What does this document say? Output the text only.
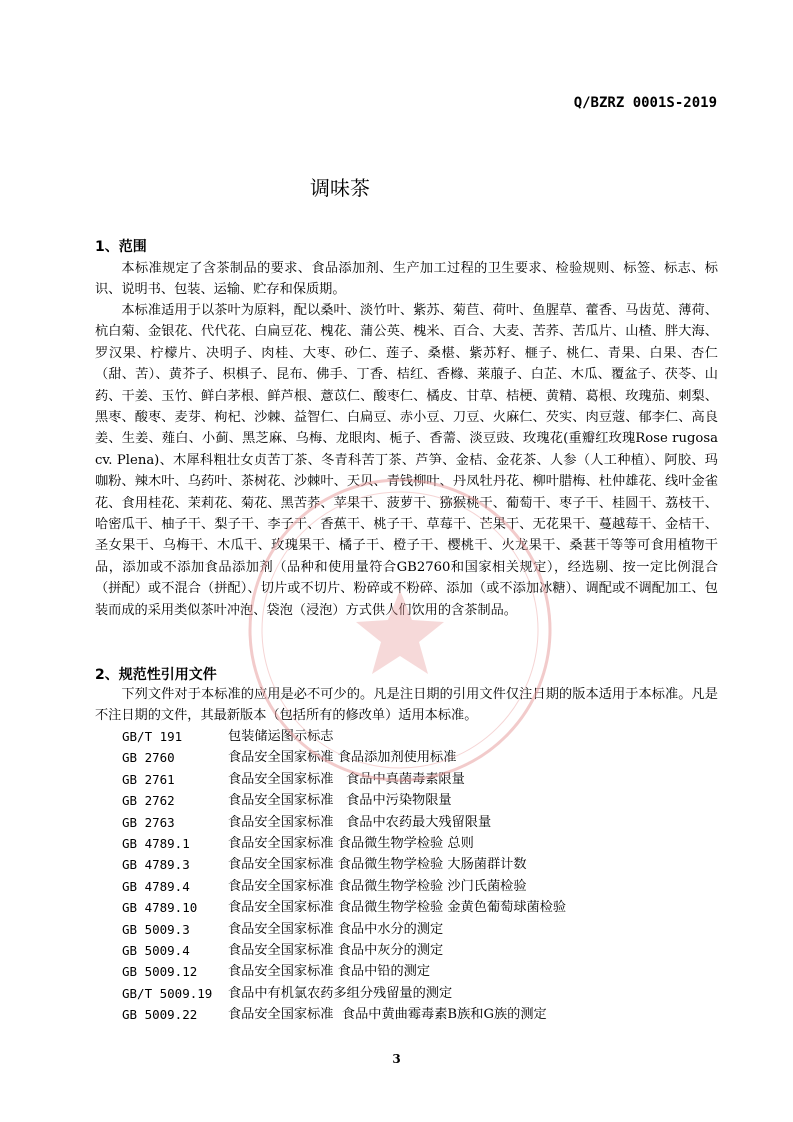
Q/BZRZ 0001S-2019
调味茶
1、范围

本标准规定了含茶制品的要求、食品添加剂、生产加工过程的卫生要求、检验规则、标签、标志、标识、说明书、包装、运输、贮存和保质期。

本标准适用于以茶叶为原料，配以桑叶、淡竹叶、紫苏、菊苣、荷叶、鱼腥草、藿香、马齿苋、薄荷、杭白菊、金银花、代代花、白扁豆花、槐花、蒲公英、槐米、百合、大麦、苦荞、苦瓜片、山楂、胖大海、罗汉果、柠檬片、决明子、肉桂、大枣、砂仁、莲子、桑椹、紫苏籽、榧子、桃仁、青果、白果、杏仁（甜、苦）、黄芥子、枳椇子、昆布、佛手、丁香、桔红、香橼、莱菔子、白芷、木瓜、覆盆子、茯苓、山药、干姜、玉竹、鲜白茅根、鲜芦根、薏苡仁、酸枣仁、橘皮、甘草、桔梗、黄精、葛根、玫瑰茄、刺梨、黑枣、酸枣、麦芽、枸杞、沙棘、益智仁、白扁豆、赤小豆、刀豆、火麻仁、芡实、肉豆蔻、郁李仁、高良姜、生姜、薤白、小蓟、黑芝麻、乌梅、龙眼肉、栀子、香薷、淡豆豉、玫瑰花(重瓣红玫瑰Rose rugosa cv. Plena)、木犀科粗壮女贞苦丁茶、冬青科苦丁茶、芦笋、金桔、金花茶、人参（人工种植）、阿胶、玛咖粉、辣木叶、乌药叶、茶树花、沙棘叶、天贝、青钱柳叶、丹凤牡丹花、柳叶腊梅、杜仲雄花、线叶金雀花、食用桂花、茉莉花、菊花、黑苦荞、苹果干、菠萝干、猕猴桃干、葡萄干、枣子干、桂圆干、荔枝干、哈密瓜干、柚子干、梨子干、李子干、香蕉干、桃子干、草莓干、芒果干、无花果干、蔓越莓干、金桔干、圣女果干、乌梅干、木瓜干、玫瑰果干、橘子干、橙子干、樱桃干、火龙果干、桑葚干等等可食用植物干品，添加或不添加食品添加剂（品种和使用量符合GB2760和国家相关规定），经选剔、按一定比例混合（拼配）或不混合（拼配）、切片或不切片、粉碎或不粉碎、添加（或不添加冰糖）、调配或不调配加工、包装而成的采用类似茶叶冲泡、袋泡（浸泡）方式供人们饮用的含茶制品。

2、规范性引用文件

下列文件对于本标准的应用是必不可少的。凡是注日期的引用文件仅注日期的版本适用于本标准。凡是不注日期的文件，其最新版本（包括所有的修改单）适用本标准。

GB/T 191	包装储运图示标志
GB 2760	食品安全国家标准 食品添加剂使用标准
GB 2761	食品安全国家标准   食品中真菌毒素限量
GB 2762	食品安全国家标准   食品中污染物限量
GB 2763	食品安全国家标准   食品中农药最大残留限量
GB 4789.1	食品安全国家标准 食品微生物学检验 总则
GB 4789.3	食品安全国家标准 食品微生物学检验 大肠菌群计数
GB 4789.4	食品安全国家标准 食品微生物学检验 沙门氏菌检验
GB 4789.10	食品安全国家标准 食品微生物学检验 金黄色葡萄球菌检验
GB 5009.3	食品安全国家标准 食品中水分的测定
GB 5009.4	食品安全国家标准 食品中灰分的测定
GB 5009.12	食品安全国家标准 食品中铅的测定
GB/T 5009.19	食品中有机氯农药多组分残留量的测定
GB 5009.22	食品安全国家标准  食品中黄曲霉毒素B族和G族的测定
3
